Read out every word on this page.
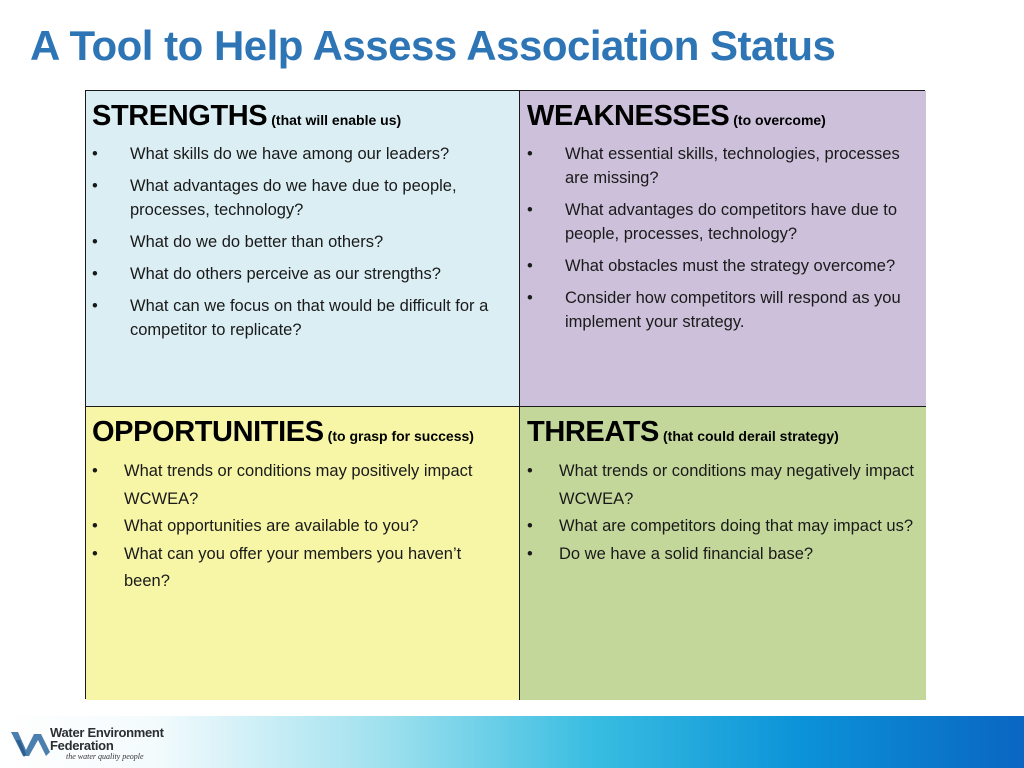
A Tool to Help Assess Association Status
STRENGTHS (that will enable us)
• What skills do we have among our leaders?
• What advantages do we have due to people, processes, technology?
• What do we do better than others?
• What do others perceive as our strengths?
• What can we focus on that would be difficult for a competitor to replicate?
WEAKNESSES (to overcome)
• What essential skills, technologies, processes are missing?
• What advantages do competitors have due to people, processes, technology?
• What obstacles must the strategy overcome?
• Consider how competitors will respond as you implement your strategy.
OPPORTUNITIES (to grasp for success)
• What trends or conditions may positively impact WCWEA?
• What opportunities are available to you?
• What can you offer your members you haven’t been?
THREATS (that could derail strategy)
• What trends or conditions may negatively impact WCWEA?
• What are competitors doing that may impact us?
• Do we have a solid financial base?
Water Environment
Federation
the water quality people
